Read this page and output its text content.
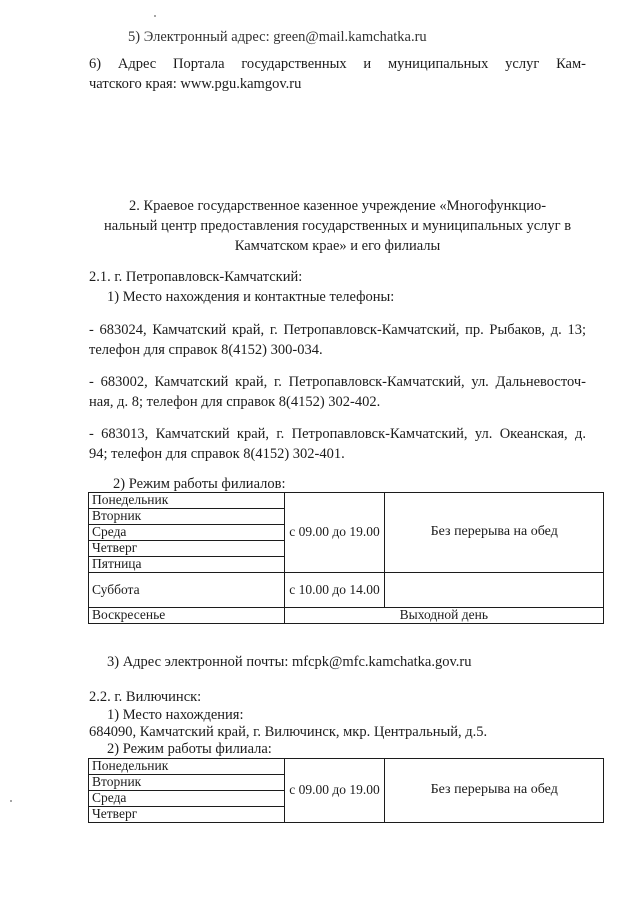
5) Электронный адрес: green@mail.kamchatka.ru
6) Адрес Портала государственных и муниципальных услуг Кам-
чатского края: www.pgu.kamgov.ru
2. Краевое государственное казенное учреждение «Многофункцио-
нальный центр предоставления государственных и муниципальных услуг в
Камчатском крае» и его филиалы
2.1. г. Петропавловск-Камчатский:
1) Место нахождения и контактные телефоны:
- 683024, Камчатский край, г. Петропавловск-Камчатский, пр. Рыбаков, д. 13;
телефон для справок 8(4152) 300-034.
- 683002, Камчатский край, г. Петропавловск-Камчатский, ул. Дальневосточ-
ная, д. 8; телефон для справок 8(4152) 302-402.
- 683013, Камчатский край, г. Петропавловск-Камчатский, ул. Океанская, д.
94; телефон для справок 8(4152) 302-401.
2) Режим работы филиалов:
Понедельник	с 09.00 до 19.00	Без перерыва на обед
Вторник		
Среда		
Четверг		
Пятница		
Суббота	с 10.00 до 14.00	
Воскресенье	Выходной день	
3) Адрес электронной почты: mfcpk@mfc.kamchatka.gov.ru
2.2. г. Вилючинск:
1) Место нахождения:
684090, Камчатский край, г. Вилючинск, мкр. Центральный, д.5.
2) Режим работы филиала:
Понедельник	с 09.00 до 19.00	Без перерыва на обед
Вторник
Среда
Четверг
